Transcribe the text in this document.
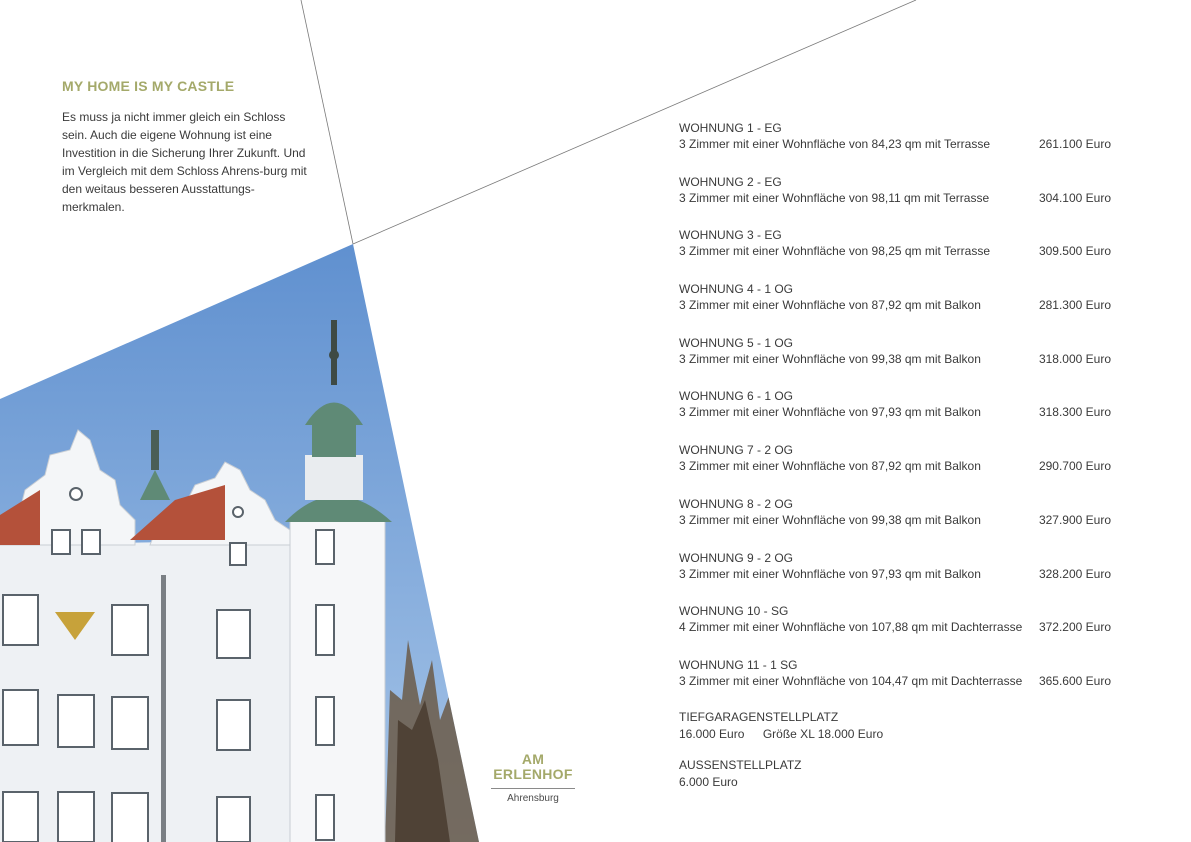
MY HOME IS MY CASTLE

Es muss ja nicht immer gleich ein Schloss sein. Auch die eigene Wohnung ist eine Investition in die Sicherung Ihrer Zukunft. Und im Vergleich mit dem Schloss Ahrens-burg mit den weitaus besseren Ausstattungs-merkmalen.

WOHNUNG 1 - EG
3 Zimmer mit einer Wohnfläche von 84,23 qm mit Terrasse	261.100 Euro
WOHNUNG 2 - EG
3 Zimmer mit einer Wohnfläche von 98,11 qm mit Terrasse	304.100 Euro
WOHNUNG 3 - EG
3 Zimmer mit einer Wohnfläche von 98,25 qm mit Terrasse	309.500 Euro
WOHNUNG 4 - 1 OG
3 Zimmer mit einer Wohnfläche von 87,92 qm mit Balkon	281.300 Euro
WOHNUNG 5 - 1 OG
3 Zimmer mit einer Wohnfläche von 99,38 qm mit Balkon	318.000 Euro
WOHNUNG 6 - 1 OG
3 Zimmer mit einer Wohnfläche von 97,93 qm mit Balkon	318.300 Euro
WOHNUNG 7 - 2 OG
3 Zimmer mit einer Wohnfläche von 87,92 qm mit Balkon	290.700 Euro
WOHNUNG 8 - 2 OG
3 Zimmer mit einer Wohnfläche von 99,38 qm mit Balkon	327.900 Euro
WOHNUNG 9 - 2 OG
3 Zimmer mit einer Wohnfläche von 97,93 qm mit Balkon	328.200 Euro
WOHNUNG 10 - SG
4 Zimmer mit einer Wohnfläche von 107,88 qm mit Dachterrasse 372.200 Euro
WOHNUNG 11 - 1 SG
3 Zimmer mit einer Wohnfläche von 104,47 qm mit Dachterrasse 365.600 Euro
TIEFGARAGENSTELLPLATZ
16.000 Euro Größe XL 18.000 Euro
AUSSENSTELLPLATZ
6.000 Euro
AM
ERLENHOF
Ahrensburg
